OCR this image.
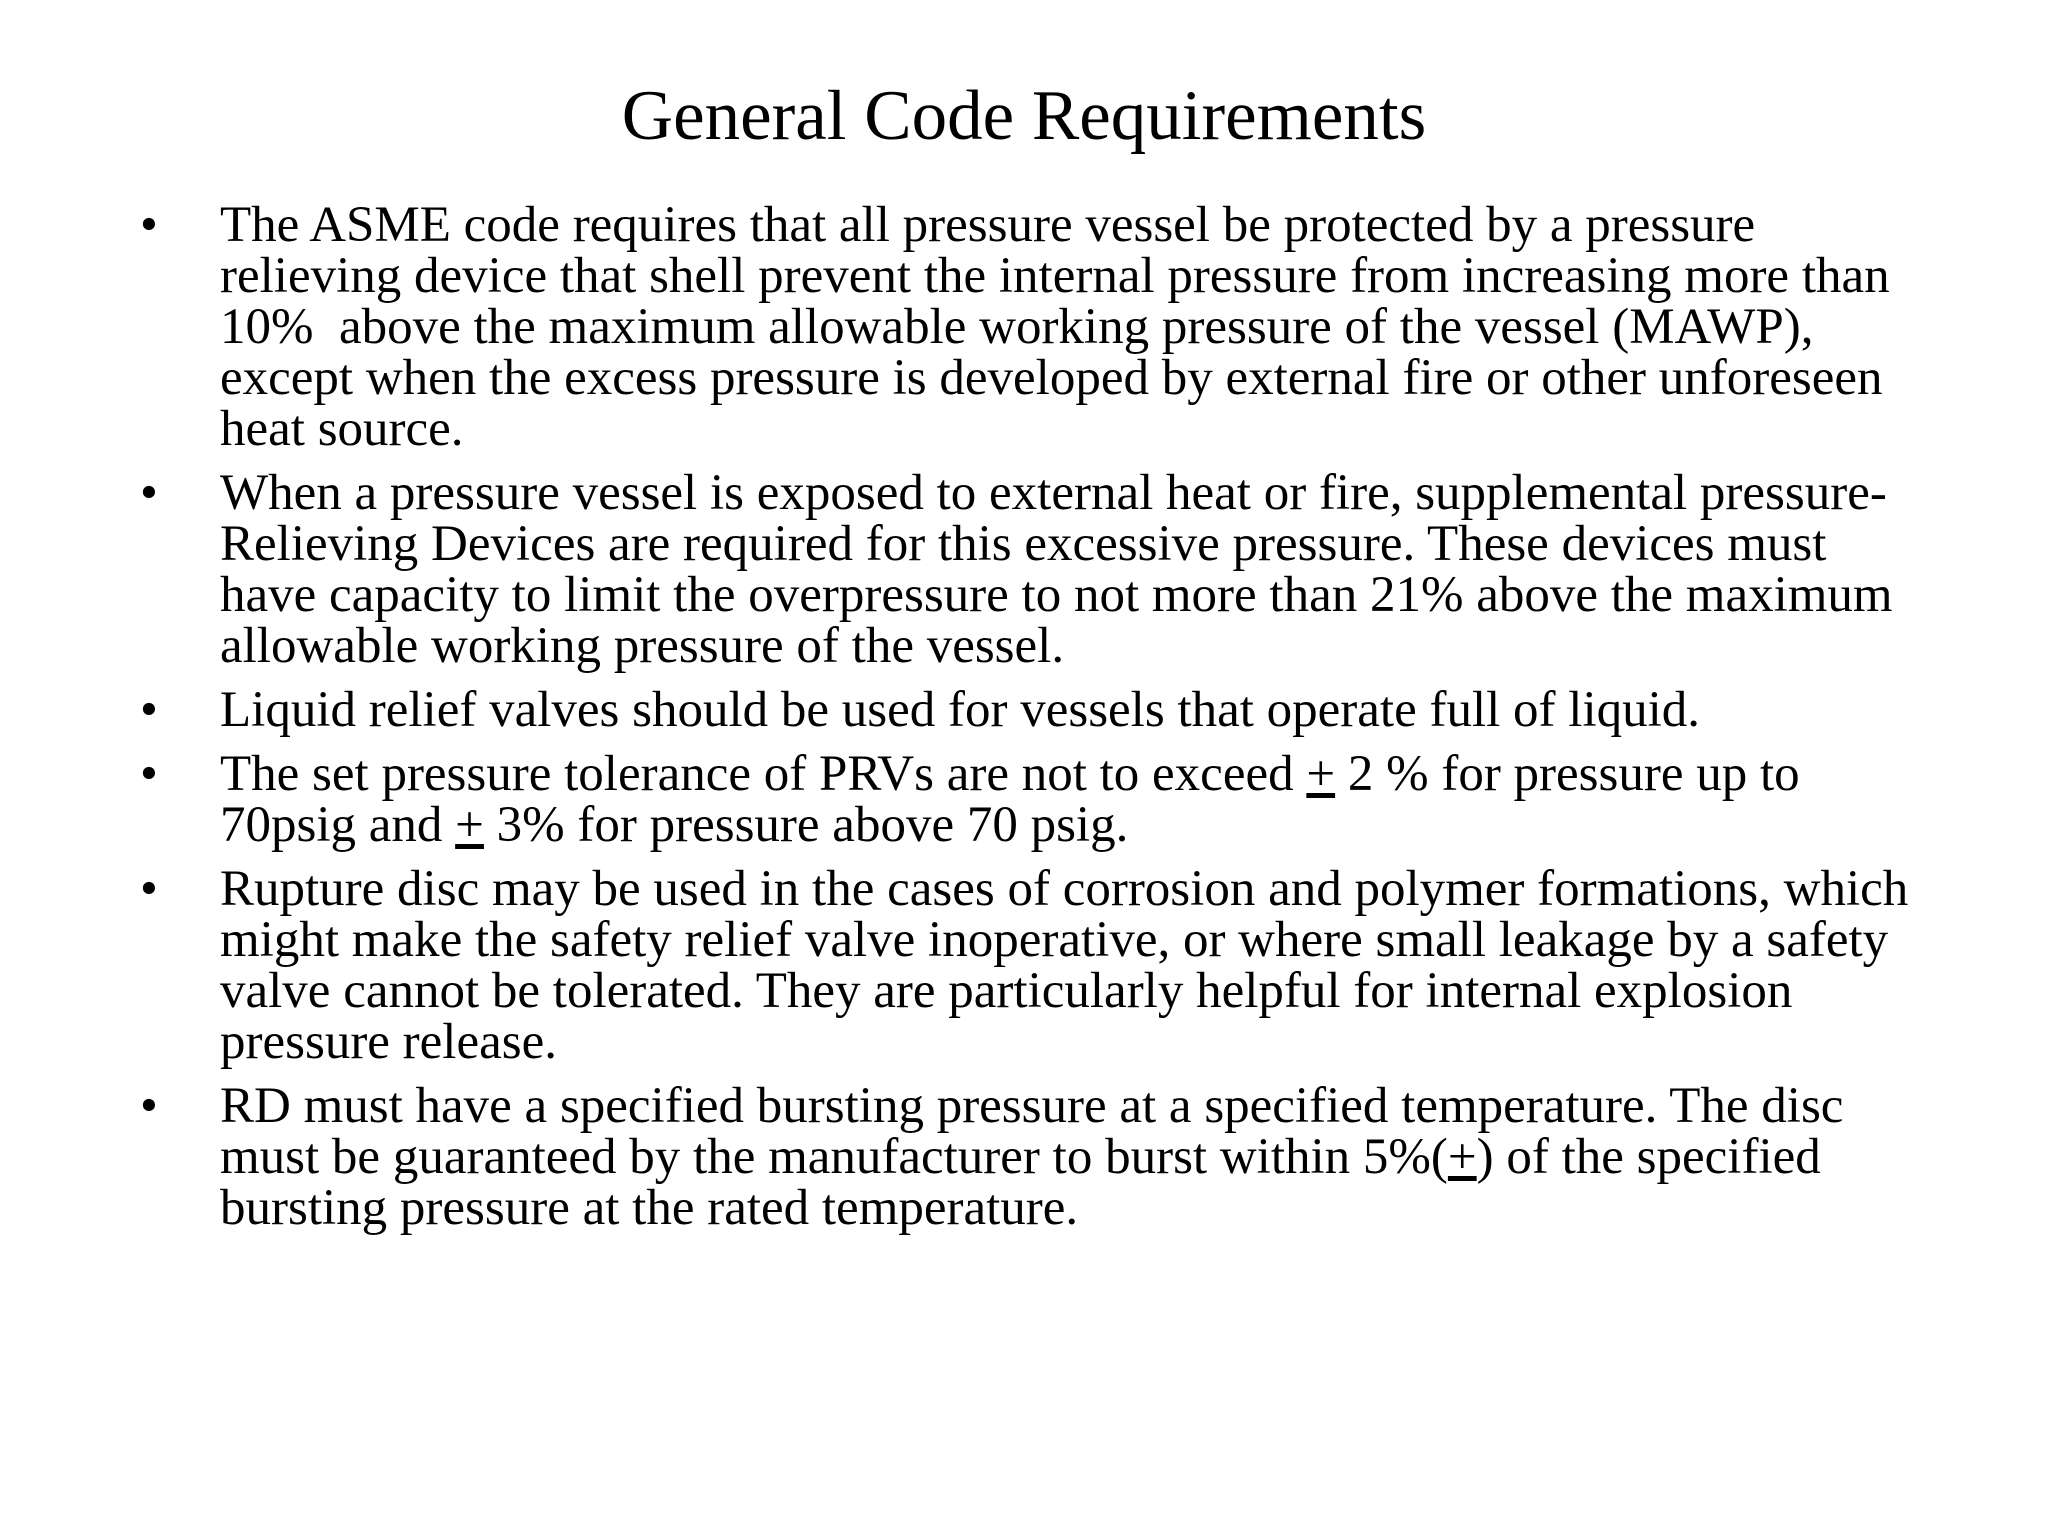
General Code Requirements
• The ASME code requires that all pressure vessel be protected by a pressure
relieving device that shell prevent the internal pressure from increasing more than
10%  above the maximum allowable working pressure of the vessel (MAWP),
except when the excess pressure is developed by external fire or other unforeseen
heat source.
• When a pressure vessel is exposed to external heat or fire, supplemental pressure-
Relieving Devices are required for this excessive pressure. These devices must
have capacity to limit the overpressure to not more than 21% above the maximum
allowable working pressure of the vessel.
• Liquid relief valves should be used for vessels that operate full of liquid.
• The set pressure tolerance of PRVs are not to exceed + 2 % for pressure up to
70psig and + 3% for pressure above 70 psig.
• Rupture disc may be used in the cases of corrosion and polymer formations, which
might make the safety relief valve inoperative, or where small leakage by a safety
valve cannot be tolerated. They are particularly helpful for internal explosion
pressure release.
• RD must have a specified bursting pressure at a specified temperature. The disc
must be guaranteed by the manufacturer to burst within 5%(+) of the specified
bursting pressure at the rated temperature.
